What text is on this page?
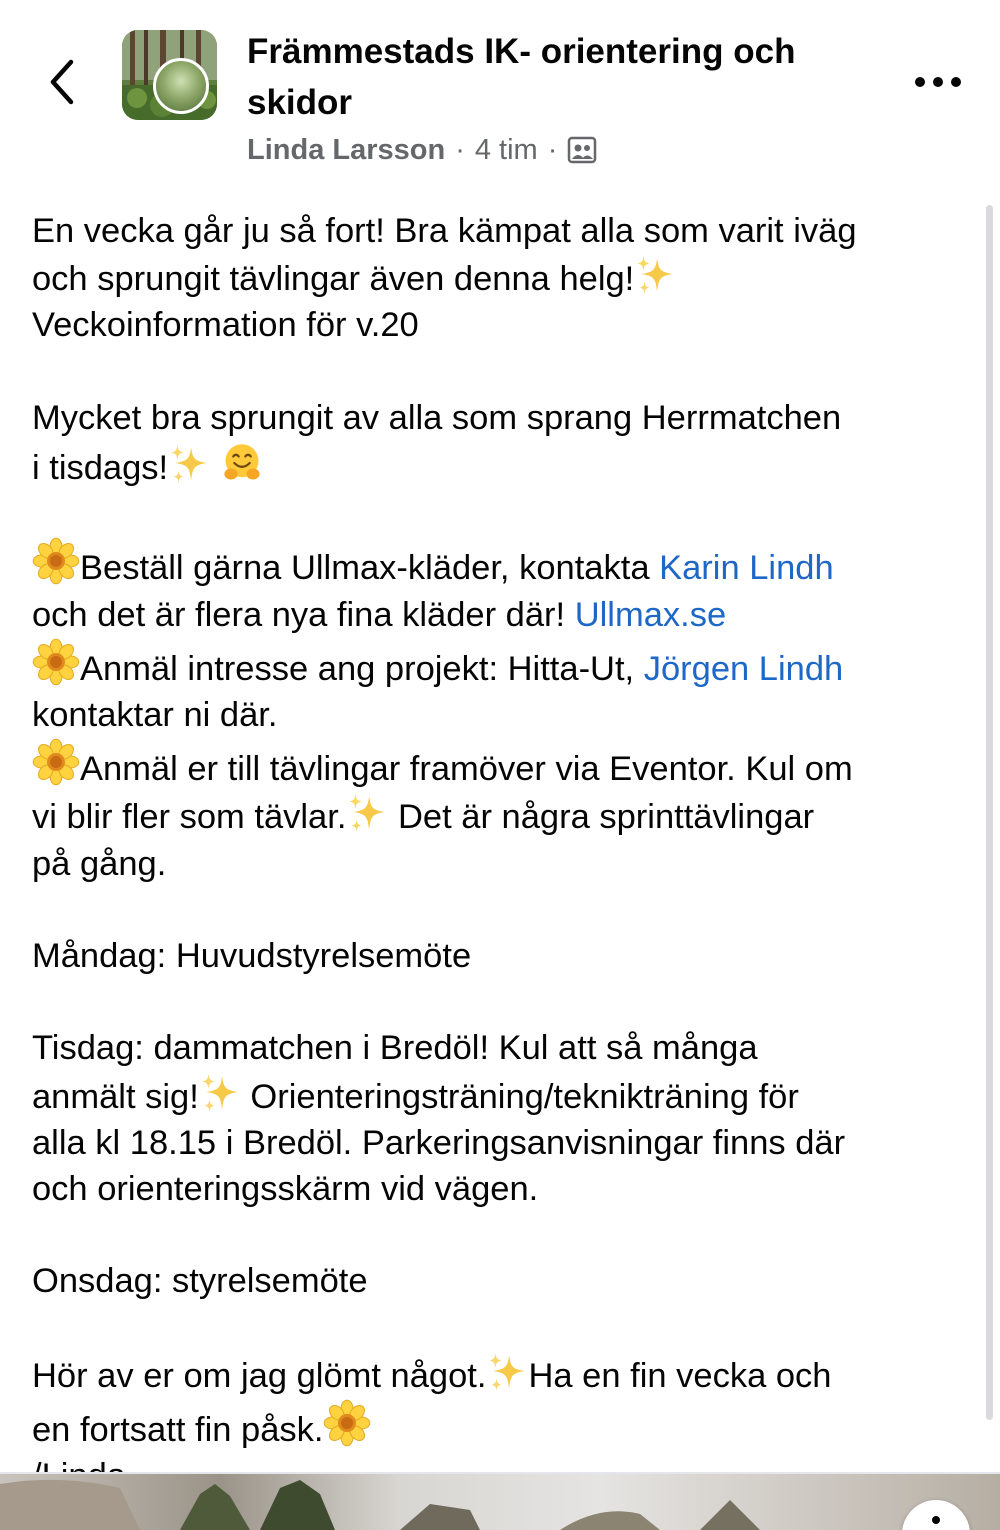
Främmestads IK- orientering och skidor
Linda Larsson · 4 tim ·
En vecka går ju så fort! Bra kämpat alla som varit iväg
och sprungit tävlingar även denna helg!
Veckoinformation för v.20
Mycket bra sprungit av alla som sprang Herrmatchen
i tisdags!
Beställ gärna Ullmax-kläder, kontakta Karin Lindh
och det är flera nya fina kläder där! Ullmax.se
Anmäl intresse ang projekt: Hitta-Ut, Jörgen Lindh
kontaktar ni där.
Anmäl er till tävlingar framöver via Eventor. Kul om
vi blir fler som tävlar. Det är några sprinttävlingar
på gång.
Måndag: Huvudstyrelsemöte
Tisdag: dammatchen i Bredöl! Kul att så många
anmält sig! Orienteringsträning/teknikträning för
alla kl 18.15 i Bredöl. Parkeringsanvisningar finns där
och orienteringsskärm vid vägen.
Onsdag: styrelsemöte
Hör av er om jag glömt något. Ha en fin vecka och
en fortsatt fin påsk.
